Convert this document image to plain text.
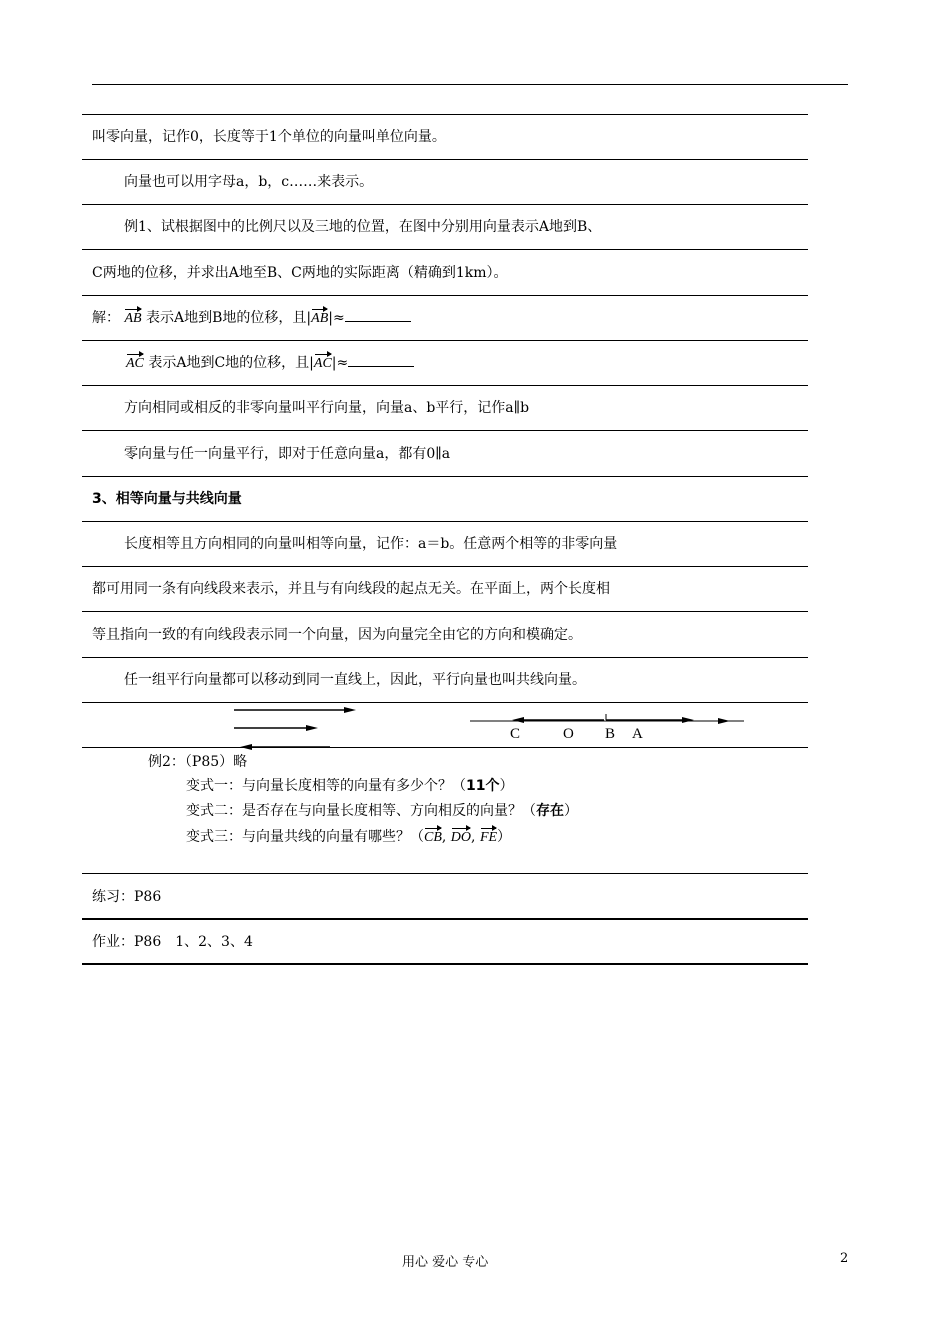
叫零向量，记作0，长度等于1个单位的向量叫单位向量。
向量也可以用字母a，b，c……来表示。
例1、试根据图中的比例尺以及三地的位置，在图中分别用向量表示A地到B、
C两地的位移，并求出A地至B、C两地的实际距离（精确到1km）。
解： AB 表示A地到B地的位移，且|AB|≈
AC 表示A地到C地的位移，且|AC|≈
方向相同或相反的非零向量叫平行向量，向量a、b平行，记作a∥b
零向量与任一向量平行，即对于任意向量a，都有0∥a
3、相等向量与共线向量
长度相等且方向相同的向量叫相等向量，记作：a＝b。任意两个相等的非零向量
都可用同一条有向线段来表示，并且与有向线段的起点无关。在平面上，两个长度相
等且指向一致的有向线段表示同一个向量，因为向量完全由它的方向和模确定。
任一组平行向量都可以移动到同一直线上，因此，平行向量也叫共线向量。
C	O B A
例2：（P85）略
变式一：与向量长度相等的向量有多少个？（11个）
变式二：是否存在与向量长度相等、方向相反的向量？（存在）
变式三：与向量共线的向量有哪些？（CB, DO, FE）
练习：P86
作业：P86　1、2、3、4
用心 爱心 专心	2
